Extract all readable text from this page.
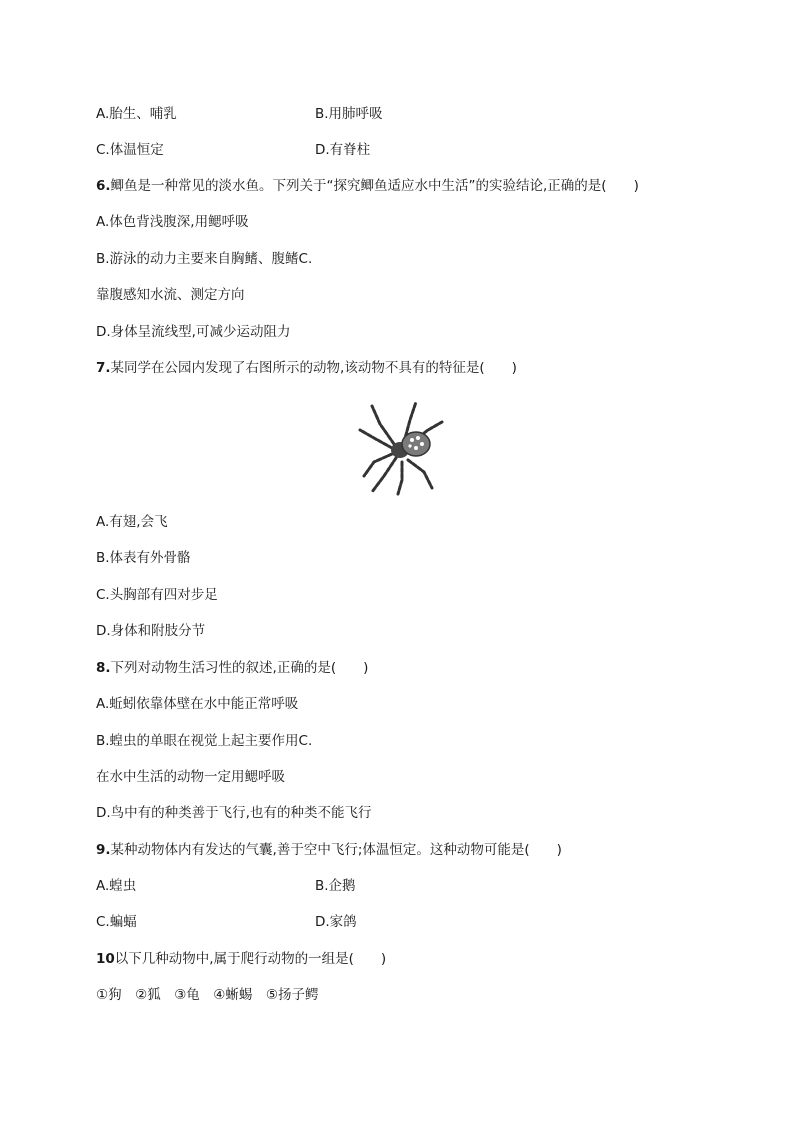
A.胎生、哺乳	B.用肺呼吸
C.体温恒定	D.有脊柱
6.鲫鱼是一种常见的淡水鱼。下列关于“探究鲫鱼适应水中生活”的实验结论,正确的是(　　)
A.体色背浅腹深,用鳃呼吸
B.游泳的动力主要来自胸鳍、腹鳍C.
靠腹感知水流、测定方向
D.身体呈流线型,可减少运动阻力
7.某同学在公园内发现了右图所示的动物,该动物不具有的特征是(　　)
A.有翅,会飞
B.体表有外骨骼
C.头胸部有四对步足
D.身体和附肢分节
8.下列对动物生活习性的叙述,正确的是(　　)
A.蚯蚓依靠体壁在水中能正常呼吸
B.蝗虫的单眼在视觉上起主要作用C.
在水中生活的动物一定用鳃呼吸
D.鸟中有的种类善于飞行,也有的种类不能飞行
9.某种动物体内有发达的气囊,善于空中飞行;体温恒定。这种动物可能是(　　)
A.蝗虫	B.企鹅
C.蝙蝠	D.家鸽
10以下几种动物中,属于爬行动物的一组是(　　)
①狗　②狐　③龟　④蜥蜴　⑤扬子鳄
